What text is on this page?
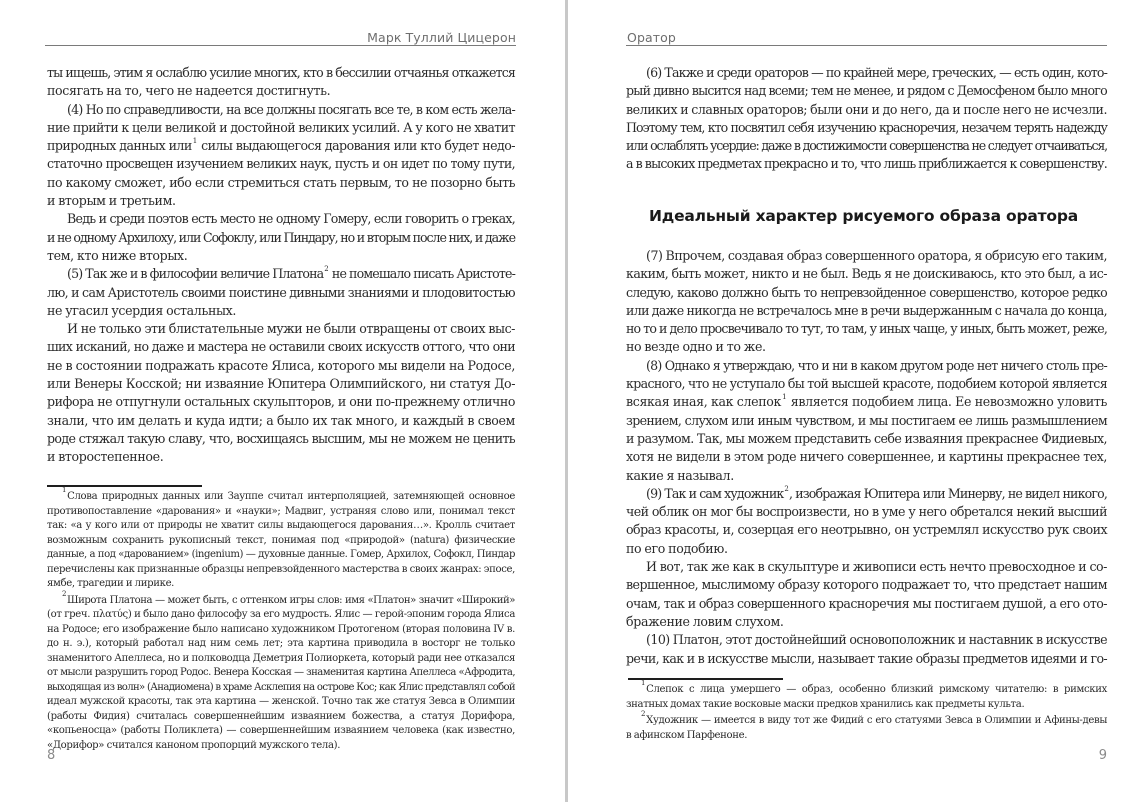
Марк Туллий Цицерон
ты ищешь, этим я ослаблю усилие многих, кто в бессилии отчаянья откажется
посягать на то, чего не надеется достигнуть.
(4) Но по справедливости, на все должны посягать все те, в ком есть жела-
ние прийти к цели великой и достойной великих усилий. А у кого не хватит
природных данных или$^1$ силы выдающегося дарования или кто будет недо-
статочно просвещен изучением великих наук, пусть и он идет по тому пути,
по какому сможет, ибо если стремиться стать первым, то не позорно быть
и вторым и третьим.
Ведь и среди поэтов есть место не одному Гомеру, если говорить о греках,
и не одному Архилоху, или Софоклу, или Пиндару, но и вторым после них, и даже
тем, кто ниже вторых.
(5) Так же и в философии величие Платона$^2$ не помешало писать Аристоте-
лю, и сам Аристотель своими поистине дивными знаниями и плодовитостью
не угасил усердия остальных.
И не только эти блистательные мужи не были отвращены от своих выс-
ших исканий, но даже и мастера не оставили своих искусств оттого, что они
не в состоянии подражать красоте Ялиса, которого мы видели на Родосе,
или Венеры Косской; ни изваяние Юпитера Олимпийского, ни статуя До-
рифора не отпугнули остальных скульпторов, и они по-прежнему отлично
знали, что им делать и куда идти; а было их так много, и каждый в своем
роде стяжал такую славу, что, восхищаясь высшим, мы не можем не ценить
и второстепенное.
$^1$Слова природных данных или Заупп​е считал интерполяцией, затемняющей основное
противопоставление «дарования» и «науки»; Мадвиг, устраняя слово или, понимал текст
так: «а у кого или от природы не хватит силы выдающегося дарования…». Кролль считает
возможным сохранить рукописный текст, понимая под «природой» (natura) физические
данные, а под «дарованием» (ingenium) — духовные данные. Гомер, Архилох, Софокл, Пиндар
перечислены как признанные образцы непревзойденного мастерства в своих жанрах: эпосе,
ямбе, трагедии и лирике.
$^2$Широта Платона — может быть, с оттенком игры слов: имя «Платон» значит «Широкий»
(от греч. πλατύς) и было дано философу за его мудрость. Ялис — герой-эпоним города Ялиса
на Родосе; его изображение было написано художником Протогеном (вторая половина IV в.
до н. э.), который работал над ним семь лет; эта картина приводила в восторг не только
знаменитого Апеллеса, но и полководца Деметрия Полиоркета, который ради нее отказался
от мысли разрушить город Родос. Венера Косская — знаменитая картина Апеллеса «Афродита,
выходящая из волн» (Анадиомена) в храме Асклепия на острове Кос; как Ялис представлял собой
идеал мужской красоты, так эта картина — женской. Точно так же статуя Зевса в Олимпии
(работы Фидия) считалась совершеннейшим изваянием божества, а статуя Дорифора,
«копьеносца» (работы Поликлета) — совершеннейшим изваянием человека (как известно,
«Дорифор» считался каноном пропорций мужского тела).
8
Оратор
(6) Также и среди ораторов — по крайней мере, греческих, — есть один, кото-
рый дивно высится над всеми; тем не менее, и рядом с Демосфеном было много
великих и славных ораторов; были они и до него, да и после него не исчезли.
Поэтому тем, кто посвятил себя изучению красноречия, незачем терять надежду
или ослаблять усердие: даже в достижимости совершенства не следует отчаиваться,
а в высоких предметах прекрасно и то, что лишь приближается к совершенству.
Идеальный характер рисуемого образа оратора
(7) Впрочем, создавая образ совершенного оратора, я обрисую его таким,
каким, быть может, никто и не был. Ведь я не доискиваюсь, кто это был, а ис-
следую, каково должно быть то непревзойденное совершенство, которое редко
или даже никогда не встречалось мне в речи выдержанным с начала до конца,
но то и дело просвечивало то тут, то там, у иных чаще, у иных, быть может, реже,
но везде одно и то же.
(8) Однако я утверждаю, что и ни в каком другом роде нет ничего столь пре-
красного, что не уступало бы той высшей красоте, подобием которой является
всякая иная, как слепок$^1$ является подобием лица. Ее невозможно уловить
зрением, слухом или иным чувством, и мы постигаем ее лишь размышлением
и разумом. Так, мы можем представить себе изваяния прекраснее Фидиевых,
хотя не видели в этом роде ничего совершеннее, и картины прекраснее тех,
какие я называл.
(9) Так и сам художник$^2$, изображая Юпитера или Минерву, не видел никого,
чей облик он мог бы воспроизвести, но в уме у него обретался некий высший
образ красоты, и, созерцая его неотрывно, он устремлял искусство рук своих
по его подобию.
И вот, так же как в скульптуре и живописи есть нечто превосходное и со-
вершенное, мыслимому образу которого подражает то, что предстает нашим
очам, так и образ совершенного красноречия мы постигаем душой, а его ото-
бражение ловим слухом.
(10) Платон, этот достойнейший основоположник и наставник в искусстве
речи, как и в искусстве мысли, называет такие образы предметов идеями и го-
$^1$Слепок с лица умершего — образ, особенно близкий римскому читателю: в римских
знатных домах такие восковые маски предков хранились как предметы культа.
$^2$Художник — имеется в виду тот же Фидий с его статуями Зевса в Олимпии и Афины-девы
в афинском Парфеноне.
9
